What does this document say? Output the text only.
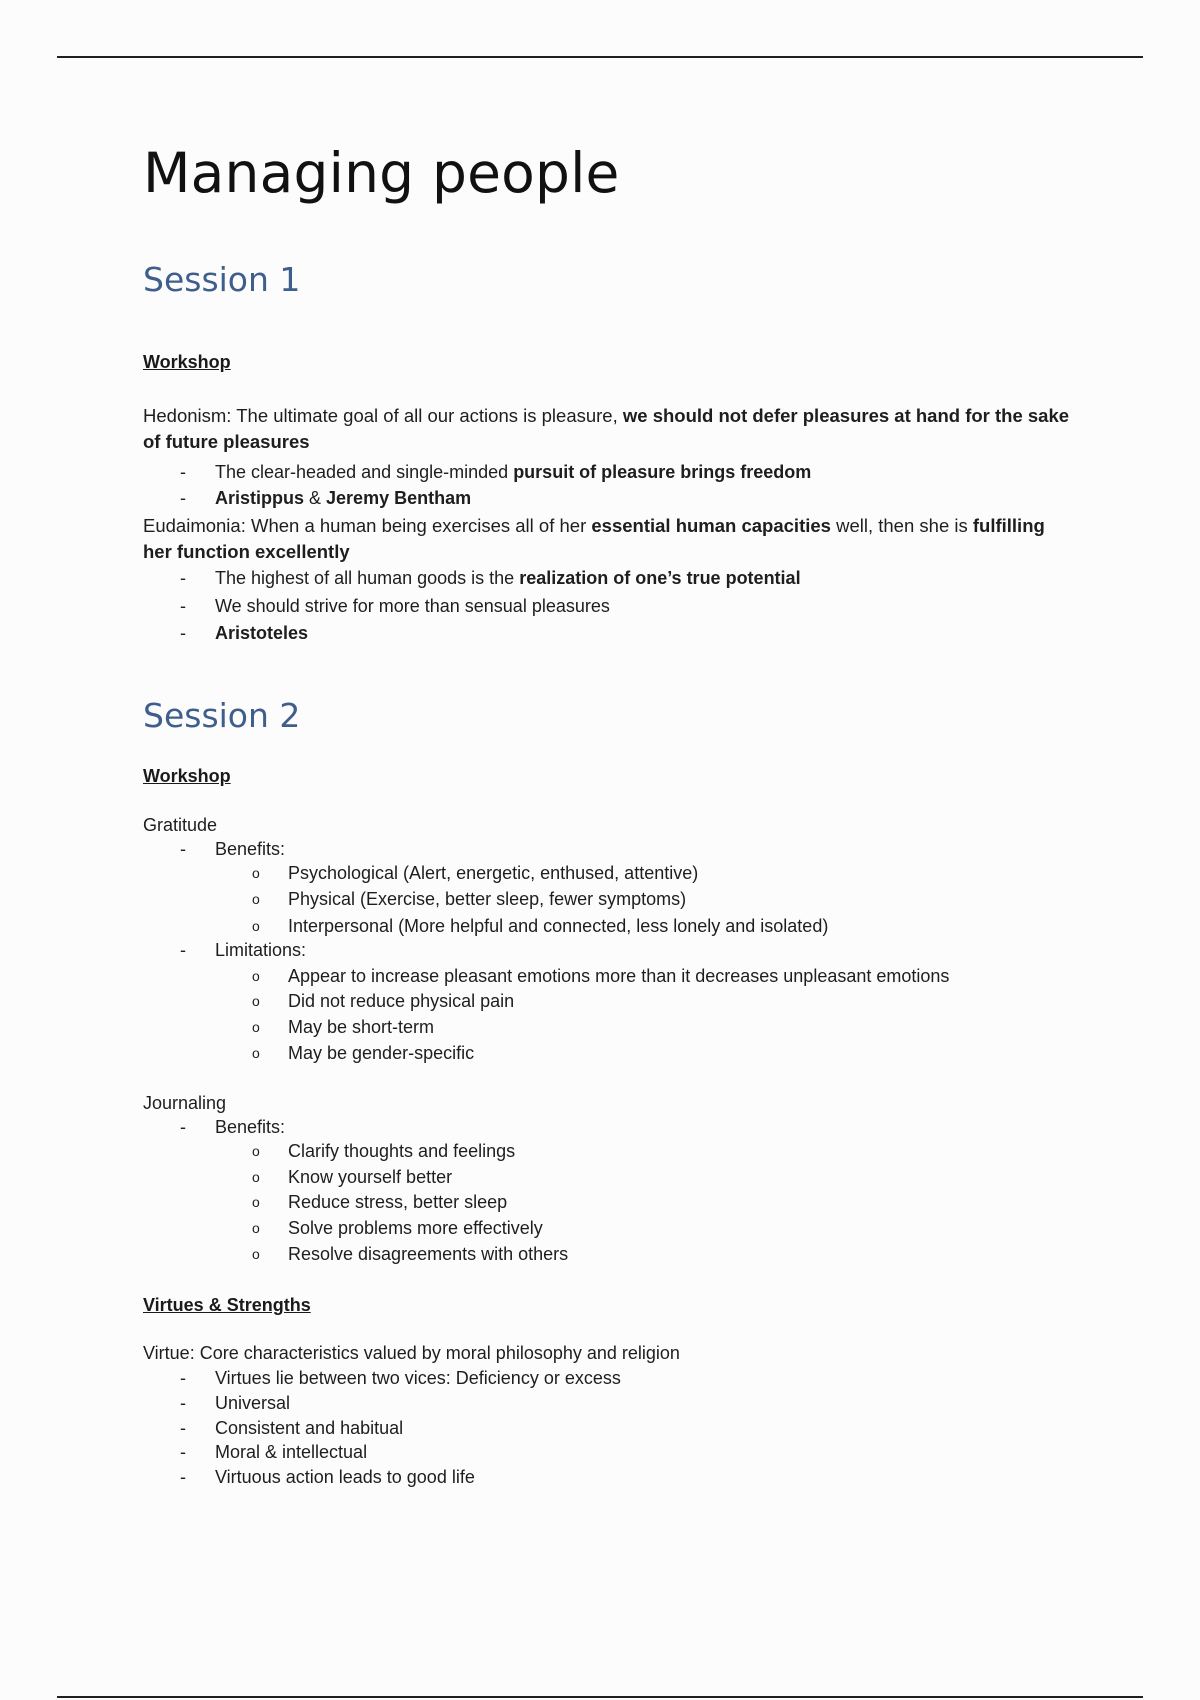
Managing people
Session 1
Workshop

Hedonism: The ultimate goal of all our actions is pleasure, we should not defer pleasures at hand for the sake of future pleasures

- The clear-headed and single-minded pursuit of pleasure brings freedom
- Aristippus & Jeremy Bentham

Eudaimonia: When a human being exercises all of her essential human capacities well, then she is fulfilling her function excellently

- The highest of all human goods is the realization of one’s true potential
- We should strive for more than sensual pleasures
- Aristoteles
Session 2
Workshop
Gratitude
- Benefits:
o Psychological (Alert, energetic, enthused, attentive)
o Physical (Exercise, better sleep, fewer symptoms)
o Interpersonal (More helpful and connected, less lonely and isolated)
- Limitations:
o Appear to increase pleasant emotions more than it decreases unpleasant emotions
o Did not reduce physical pain
o May be short-term
o May be gender-specific
Journaling
- Benefits:
o Clarify thoughts and feelings
o Know yourself better
o Reduce stress, better sleep
o Solve problems more effectively
o Resolve disagreements with others
Virtues & Strengths
Virtue: Core characteristics valued by moral philosophy and religion
- Virtues lie between two vices: Deficiency or excess
- Universal
- Consistent and habitual
- Moral & intellectual
- Virtuous action leads to good life
